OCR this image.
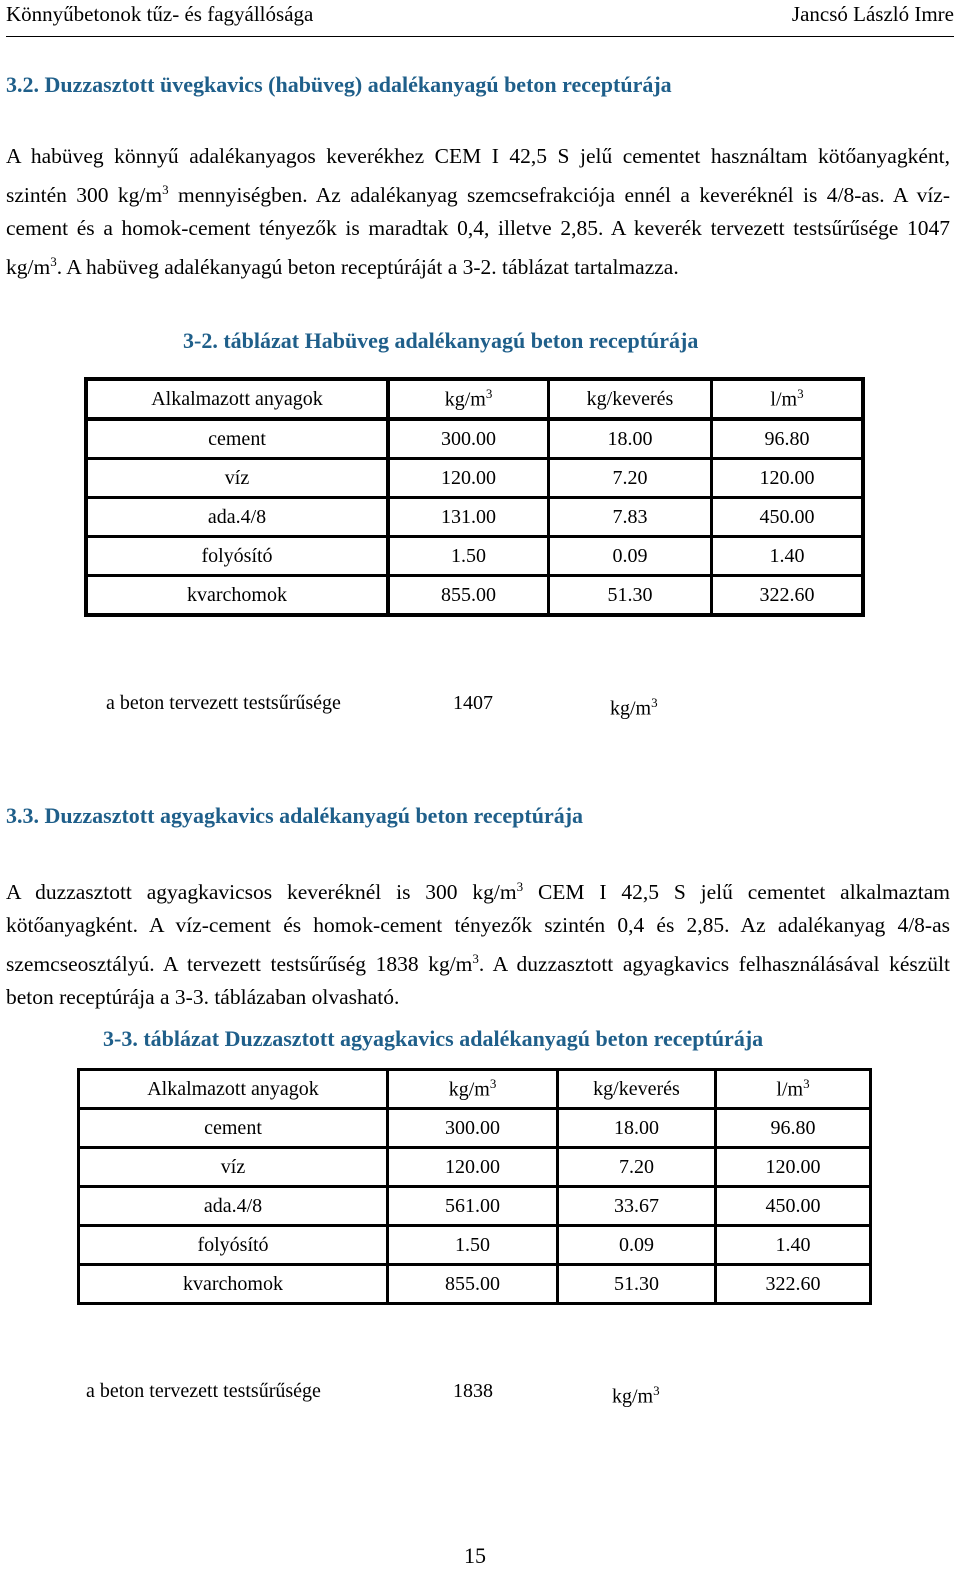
Könnyűbetonok tűz- és fagyállósága	Jancsó László Imre
3.2. Duzzasztott üvegkavics (habüveg) adalékanyagú beton receptúrája
A habüveg könnyű adalékanyagos keverékhez CEM I 42,5 S jelű cementet használtam kötőanyagként, szintén 300 $kg/m^3$ mennyiségben. Az adalékanyag szemcsefrakciója ennél a keveréknél is 4/8-as. A víz-cement és a homok-cement tényezők is maradtak 0,4, illetve 2,85. A keverék tervezett testsűrűsége 1047 $kg/m^3$. A habüveg adalékanyagú beton receptúráját a 3-2. táblázat tartalmazza.
3-2. táblázat Habüveg adalékanyagú beton receptúrája
Alkalmazott anyagok	$kg/m^3$	kg/keverés	$l/m^3$
cement	300.00	18.00	96.80
víz	120.00	7.20	120.00
ada.4/8	131.00	7.83	450.00
folyósító	1.50	0.09	1.40
kvarchomok	855.00	51.30	322.60
a beton tervezett testsűrűsége	1407	$kg/m^3$
3.3. Duzzasztott agyagkavics adalékanyagú beton receptúrája
A duzzasztott agyagkavicsos keveréknél is 300 $kg/m^3$ CEM I 42,5 S jelű cementet alkalmaztam kötőanyagként. A víz-cement és homok-cement tényezők szintén 0,4 és 2,85. Az adalékanyag 4/8-as szemcseosztályú. A tervezett testsűrűség 1838 $kg/m^3$. A duzzasztott agyagkavics felhasználásával készült beton receptúrája a 3-3. táblázaban olvasható.
3-3. táblázat Duzzasztott agyagkavics adalékanyagú beton receptúrája
Alkalmazott anyagok	$kg/m^3$	kg/keverés	$l/m^3$
cement	300.00	18.00	96.80
víz	120.00	7.20	120.00
ada.4/8	561.00	33.67	450.00
folyósító	1.50	0.09	1.40
kvarchomok	855.00	51.30	322.60
a beton tervezett testsűrűsége	1838	$kg/m^3$
15
